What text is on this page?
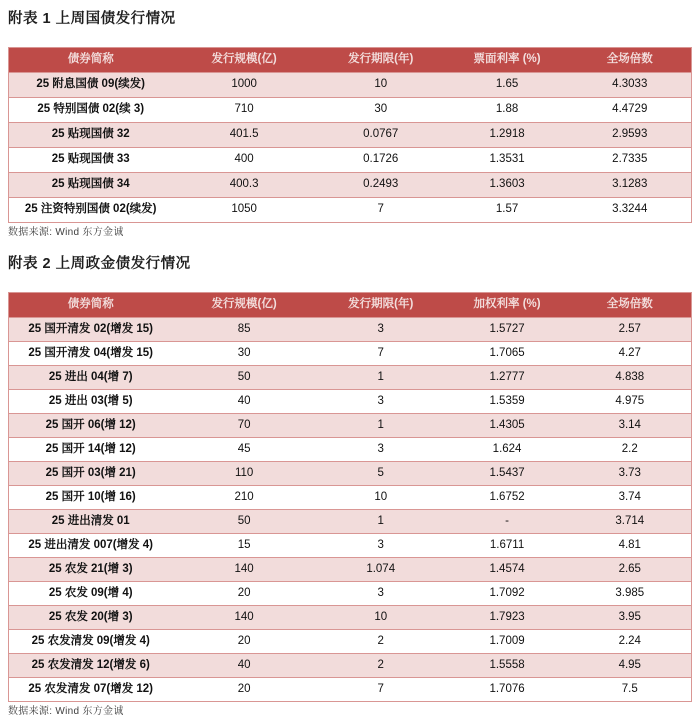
附表 1 上周国债发行情况
债券简称	发行规模(亿)	发行期限(年)	票面利率 (%)	全场倍数
25 附息国债 09(续发)	1000	10	1.65	4.3033
25 特别国债 02(续 3)	710	30	1.88	4.4729
25 贴现国债 32	401.5	0.0767	1.2918	2.9593
25 贴现国债 33	400	0.1726	1.3531	2.7335
25 贴现国债 34	400.3	0.2493	1.3603	3.1283
25 注资特别国债 02(续发)	1050	7	1.57	3.3244

数据来源: Wind 东方金诚

附表 2 上周政金债发行情况
债券简称	发行规模(亿)	发行期限(年)	加权利率 (%)	全场倍数
25 国开清发 02(增发 15)	85	3	1.5727	2.57
25 国开清发 04(增发 15)	30	7	1.7065	4.27
25 进出 04(增 7)	50	1	1.2777	4.838
25 进出 03(增 5)	40	3	1.5359	4.975
25 国开 06(增 12)	70	1	1.4305	3.14
25 国开 14(增 12)	45	3	1.624	2.2
25 国开 03(增 21)	110	5	1.5437	3.73
25 国开 10(增 16)	210	10	1.6752	3.74
25 进出清发 01	50	1	-	3.714
25 进出清发 007(增发 4)	15	3	1.6711	4.81
25 农发 21(增 3)	140	1.074	1.4574	2.65
25 农发 09(增 4)	20	3	1.7092	3.985
25 农发 20(增 3)	140	10	1.7923	3.95
25 农发清发 09(增发 4)	20	2	1.7009	2.24
25 农发清发 12(增发 6)	40	2	1.5558	4.95
25 农发清发 07(增发 12)	20	7	1.7076	7.5

数据来源: Wind 东方金诚
